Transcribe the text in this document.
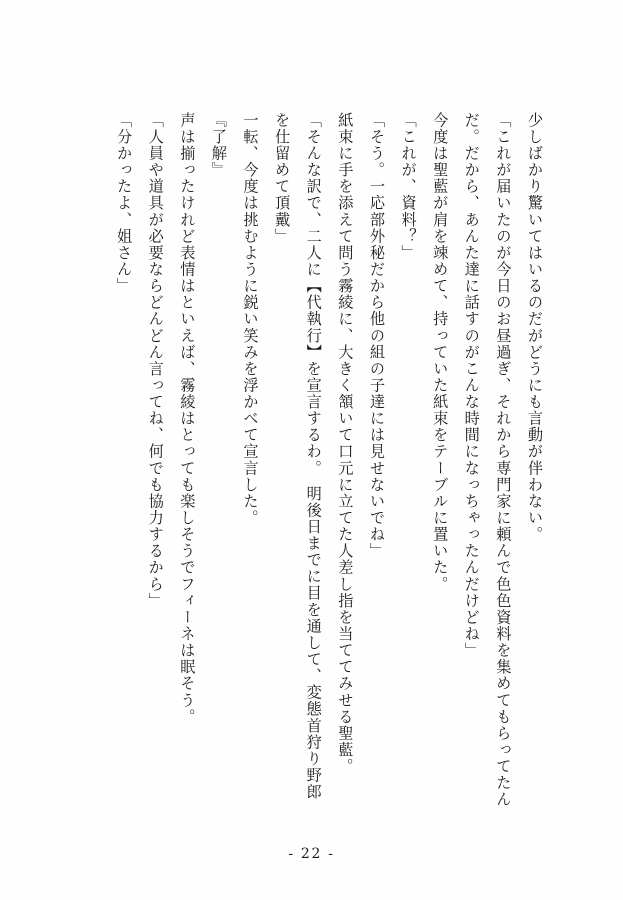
少しばかり驚いてはいるのだがどうにも言動が伴わない。
「これが届いたのが今日のお昼過ぎ、それから専門家に頼んで色色資料を集めてもらってたんだ。だから、あんた達に話すのがこんな時間になっちゃったんだけどね」
今度は聖藍が肩を竦めて、持っていた紙束をテーブルに置いた。
「これが、資料？」
「そう。一応部外秘だから他の組の子達には見せないでね」
紙束に手を添えて問う霧綾に、大きく頷いて口元に立てた人差し指を当ててみせる聖藍。
「そんな訳で、二人に【代執行】を宣言するわ。　明後日までに目を通して、変態首狩り野郎を仕留めて頂戴」
一転、今度は挑むように鋭い笑みを浮かべて宣言した。
『了解』
声は揃ったけれど表情はといえば、霧綾はとっても楽しそうでフィーネは眠そう。
「人員や道具が必要ならどんどん言ってね、何でも協力するから」
「分かったよ、姐さん」
- 22 -
